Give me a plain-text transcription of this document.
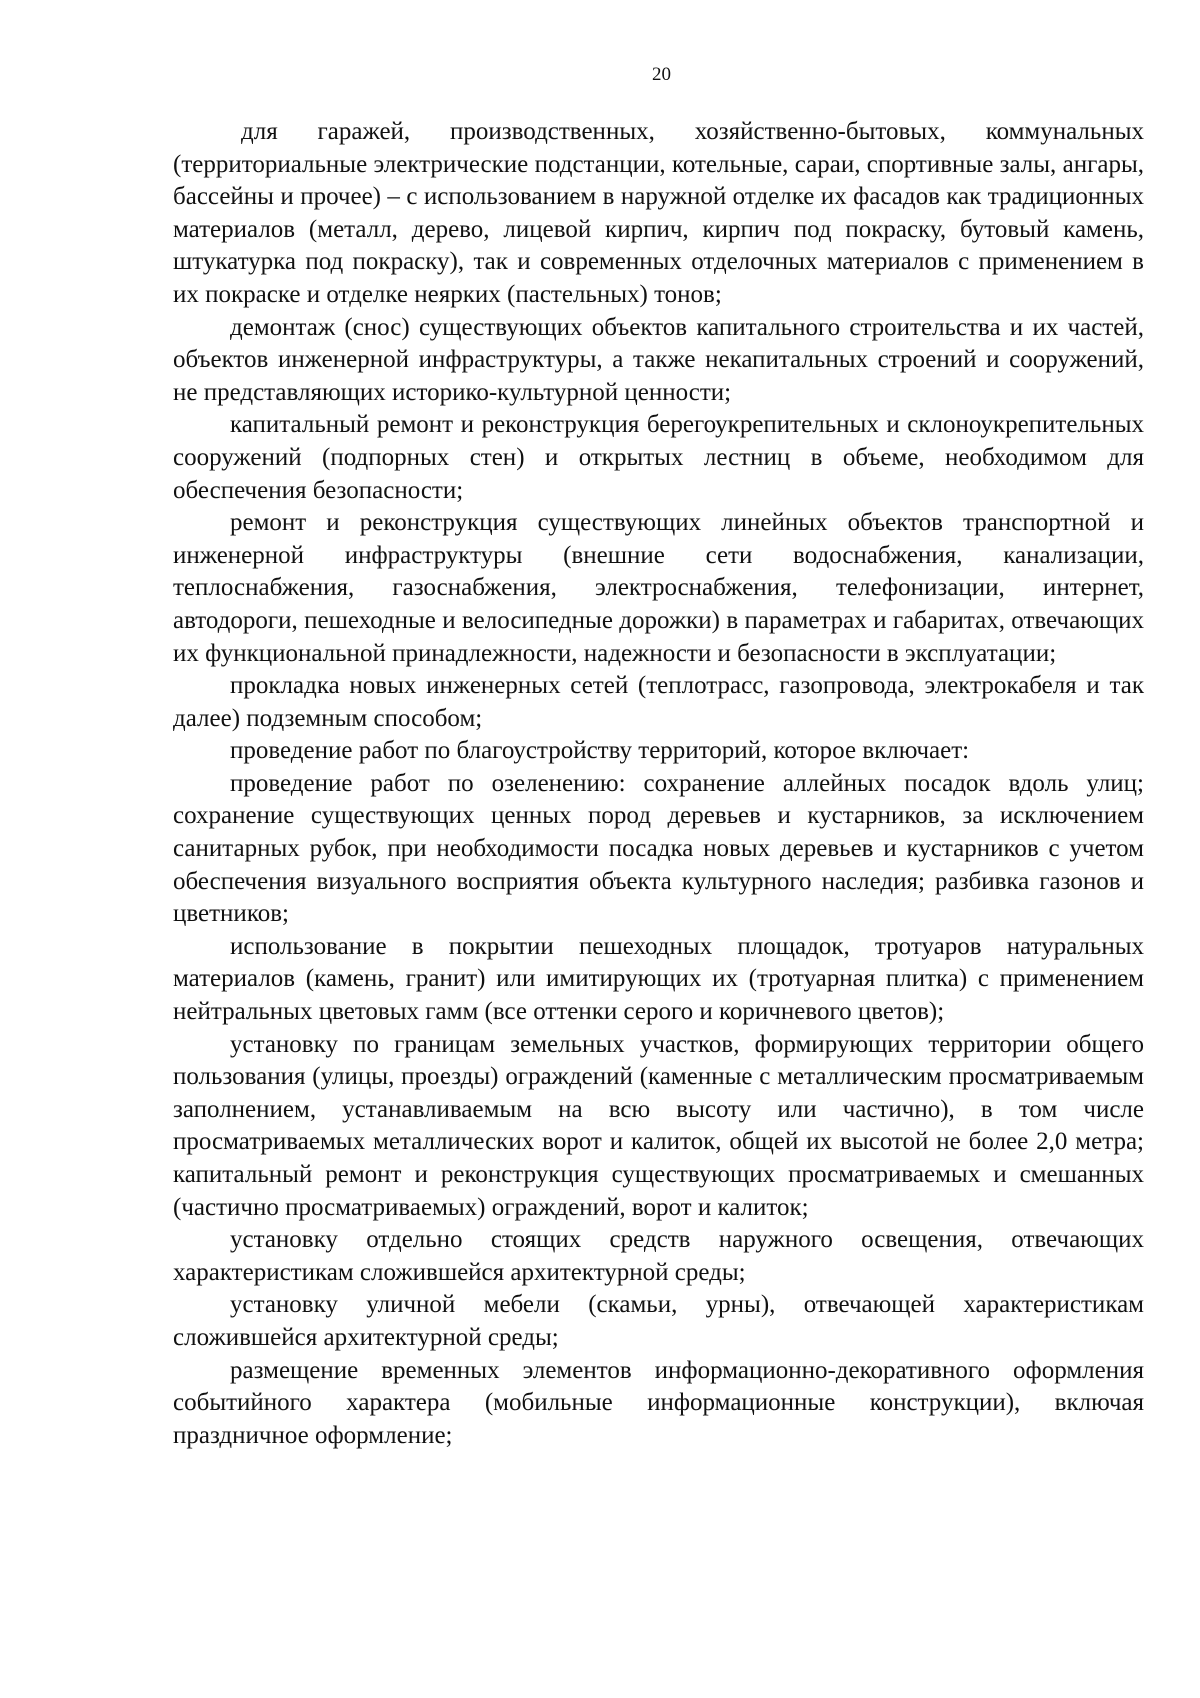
20

для гаражей, производственных, хозяйственно-бытовых, коммунальных (территориальные электрические подстанции, котельные, сараи, спортивные залы, ангары, бассейны и прочее) – с использованием в наружной отделке их фасадов как традиционных материалов (металл, дерево, лицевой кирпич, кирпич под покраску, бутовый камень, штукатурка под покраску), так и современных отделочных материалов с применением в их покраске и отделке неярких (пастельных) тонов;

демонтаж (снос) существующих объектов капитального строительства и их частей, объектов инженерной инфраструктуры, а также некапитальных строений и сооружений, не представляющих историко-культурной ценности;

капитальный ремонт и реконструкция берегоукрепительных и склоноукрепительных сооружений (подпорных стен) и открытых лестниц в объеме, необходимом для обеспечения безопасности;

ремонт и реконструкция существующих линейных объектов транспортной и инженерной инфраструктуры (внешние сети водоснабжения, канализации, теплоснабжения, газоснабжения, электроснабжения, телефонизации, интернет, автодороги, пешеходные и велосипедные дорожки) в параметрах и габаритах, отвечающих их функциональной принадлежности, надежности и безопасности в эксплуатации;

прокладка новых инженерных сетей (теплотрасс, газопровода, электрокабеля и так далее) подземным способом;

проведение работ по благоустройству территорий, которое включает:

проведение работ по озеленению: сохранение аллейных посадок вдоль улиц; сохранение существующих ценных пород деревьев и кустарников, за исключением санитарных рубок, при необходимости посадка новых деревьев и кустарников с учетом обеспечения визуального восприятия объекта культурного наследия; разбивка газонов и цветников;

использование в покрытии пешеходных площадок, тротуаров натуральных материалов (камень, гранит) или имитирующих их (тротуарная плитка) с применением нейтральных цветовых гамм (все оттенки серого и коричневого цветов);

установку по границам земельных участков, формирующих территории общего пользования (улицы, проезды) ограждений (каменные с металлическим просматриваемым заполнением, устанавливаемым на всю высоту или частично), в том числе просматриваемых металлических ворот и калиток, общей их высотой не более 2,0 метра; капитальный ремонт и реконструкция существующих просматриваемых и смешанных (частично просматриваемых) ограждений, ворот и калиток;

установку отдельно стоящих средств наружного освещения, отвечающих характеристикам сложившейся архитектурной среды;

установку уличной мебели (скамьи, урны), отвечающей характеристикам сложившейся архитектурной среды;

размещение временных элементов информационно-декоративного оформления событийного характера (мобильные информационные конструкции), включая праздничное оформление;
